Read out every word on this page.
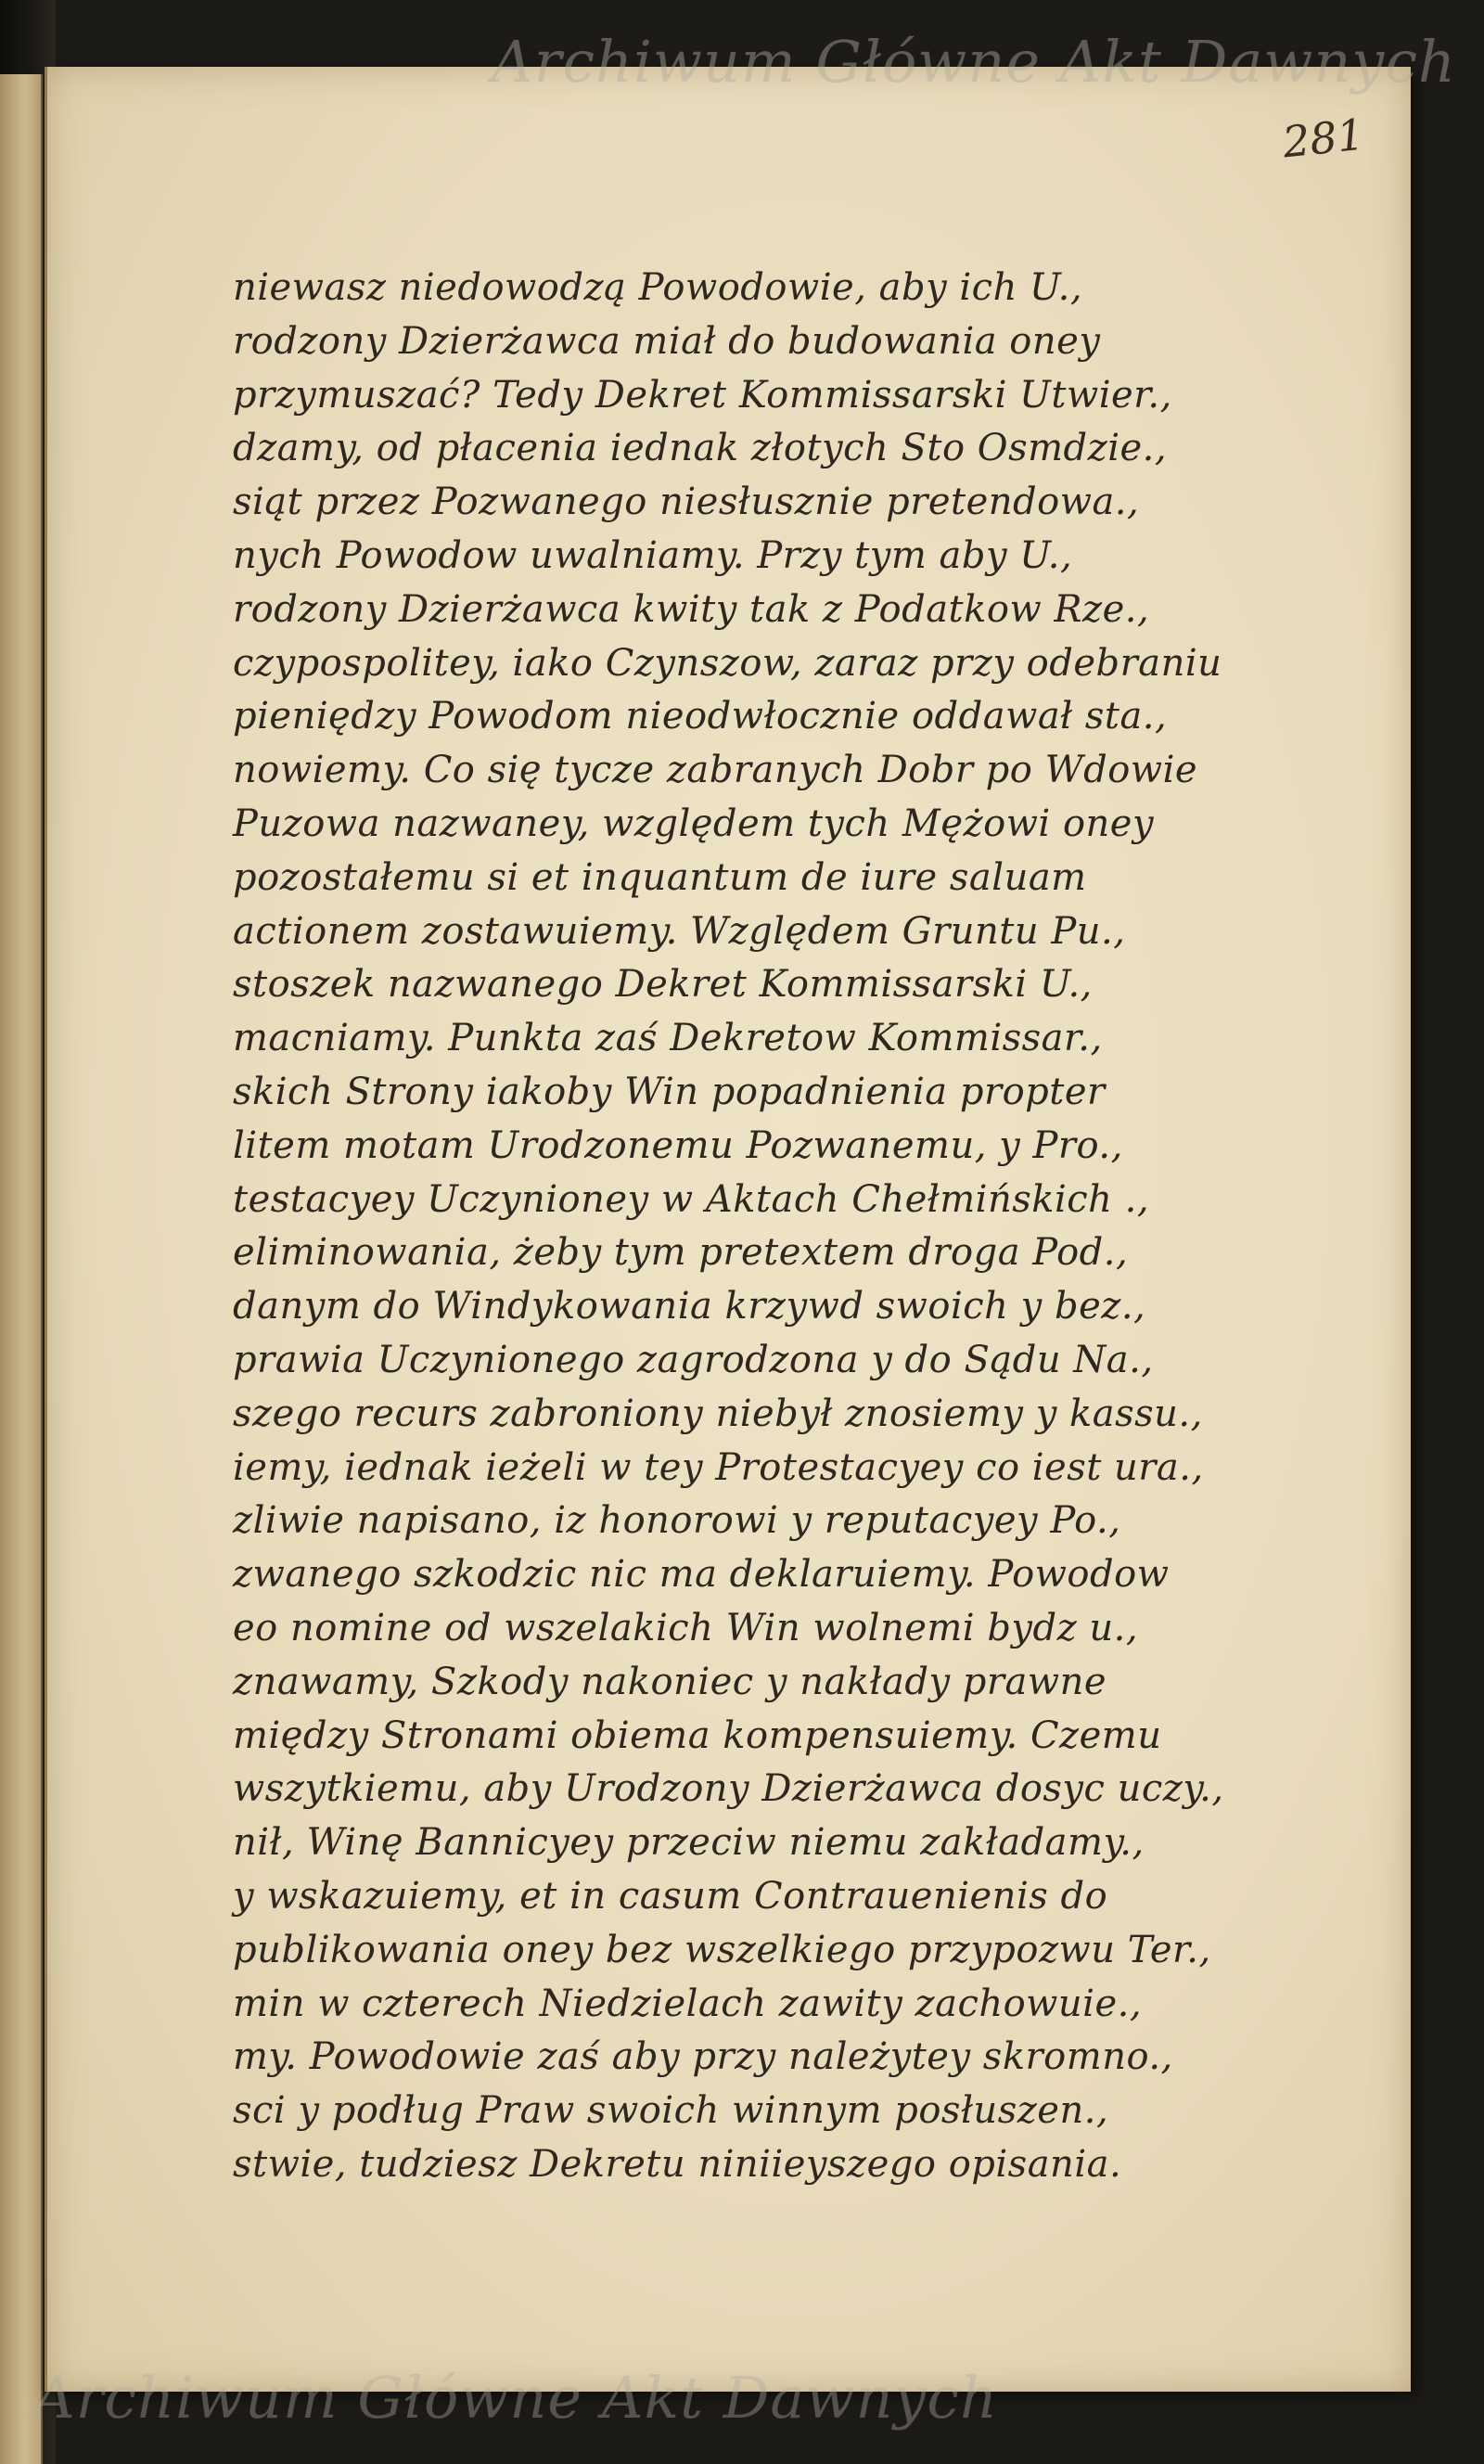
281
niewasz niedowodzą Powodowie, aby ich U.,
rodzony Dzierżawca miał do budowania oney
przymuszać? Tedy Dekret Kommissarski Utwier.,
dzamy, od płacenia iednak złotych Sto Osmdzie.,
siąt przez Pozwanego niesłusznie pretendowa.,
nych Powodow uwalniamy. Przy tym aby U.,
rodzony Dzierżawca kwity tak z Podatkow Rze.,
czypospolitey, iako Czynszow, zaraz przy odebraniu
pieniędzy Powodom nieodwłocznie oddawał sta.,
nowiemy. Co się tycze zabranych Dobr po Wdowie
Puzowa nazwaney, względem tych Mężowi oney
pozostałemu si et inquantum de iure saluam
actionem zostawuiemy. Względem Gruntu Pu.,
stoszek nazwanego Dekret Kommissarski U.,
macniamy. Punkta zaś Dekretow Kommissar.,
skich Strony iakoby Win popadnienia propter
litem motam Urodzonemu Pozwanemu, y Pro.,
testacyey Uczynioney w Aktach Chełmińskich .,
eliminowania, żeby tym pretextem droga Pod.,
danym do Windykowania krzywd swoich y bez.,
prawia Uczynionego zagrodzona y do Sądu Na.,
szego recurs zabroniony niebył znosiemy y kassu.,
iemy, iednak ieżeli w tey Protestacyey co iest ura.,
zliwie napisano, iz honorowi y reputacyey Po.,
zwanego szkodzic nic ma deklaruiemy. Powodow
eo nomine od wszelakich Win wolnemi bydz u.,
znawamy, Szkody nakoniec y nakłady prawne
między Stronami obiema kompensuiemy. Czemu
wszytkiemu, aby Urodzony Dzierżawca dosyc uczy.,
nił, Winę Bannicyey przeciw niemu zakładamy.,
y wskazuiemy, et in casum Contrauenienis do
publikowania oney bez wszelkiego przypozwu Ter.,
min w czterech Niedzielach zawity zachowuie.,
my. Powodowie zaś aby przy należytey skromno.,
sci y podług Praw swoich winnym posłuszen.,
stwie, tudziesz Dekretu niniieyszego opisania.
Archiwum Główne Akt Dawnych
Archiwum Główne Akt Dawnych
